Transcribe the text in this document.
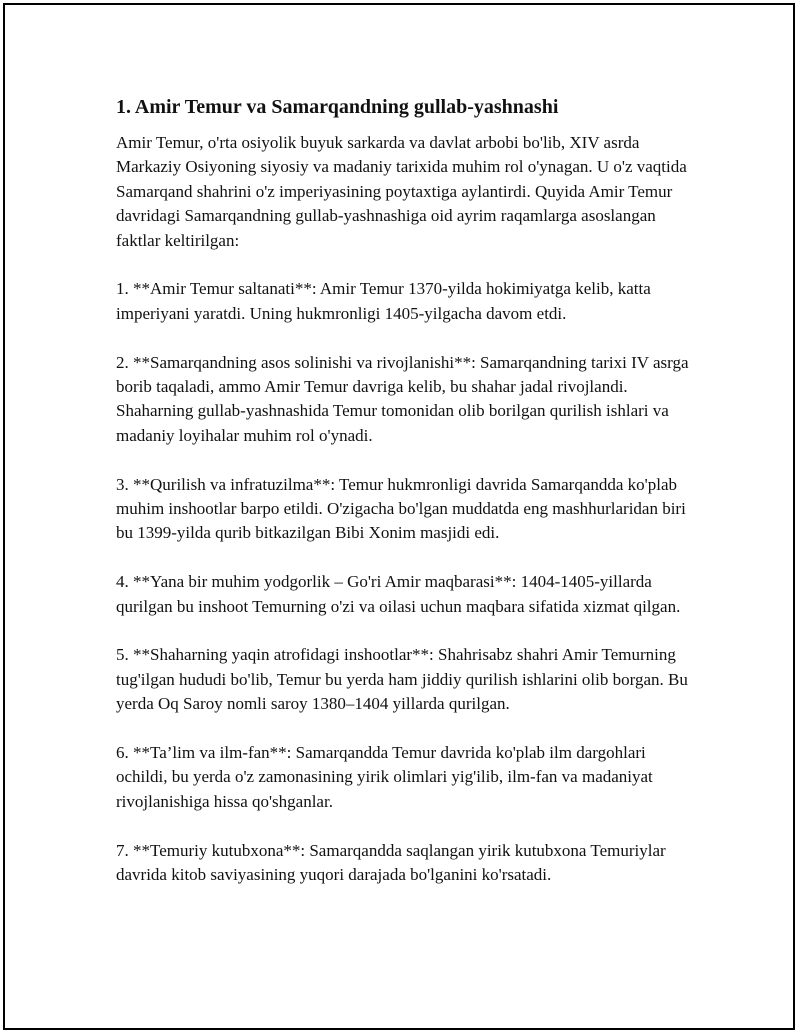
1. Amir Temur va Samarqandning gullab-yashnashi

Amir Temur, o'rta osiyolik buyuk sarkarda va davlat arbobi bo'lib, XIV asrda Markaziy Osiyoning siyosiy va madaniy tarixida muhim rol o'ynagan. U o'z vaqtida Samarqand shahrini o'z imperiyasining poytaxtiga aylantirdi. Quyida Amir Temur davridagi Samarqandning gullab-yashnashiga oid ayrim raqamlarga asoslangan faktlar keltirilgan:

1. **Amir Temur saltanati**: Amir Temur 1370-yilda hokimiyatga kelib, katta imperiyani yaratdi. Uning hukmronligi 1405-yilgacha davom etdi.

2. **Samarqandning asos solinishi va rivojlanishi**: Samarqandning tarixi IV asrga borib taqaladi, ammo Amir Temur davriga kelib, bu shahar jadal rivojlandi. Shaharning gullab-yashnashida Temur tomonidan olib borilgan qurilish ishlari va madaniy loyihalar muhim rol o'ynadi.

3. **Qurilish va infratuzilma**: Temur hukmronligi davrida Samarqandda ko'plab muhim inshootlar barpo etildi. O'zigacha bo'lgan muddatda eng mashhurlaridan biri bu 1399-yilda qurib bitkazilgan Bibi Xonim masjidi edi.

4. **Yana bir muhim yodgorlik – Go'ri Amir maqbarasi**: 1404-1405-yillarda qurilgan bu inshoot Temurning o'zi va oilasi uchun maqbara sifatida xizmat qilgan.

5. **Shaharning yaqin atrofidagi inshootlar**: Shahrisabz shahri Amir Temurning tug'ilgan hududi bo'lib, Temur bu yerda ham jiddiy qurilish ishlarini olib borgan. Bu yerda Oq Saroy nomli saroy 1380–1404 yillarda qurilgan.

6. **Ta’lim va ilm-fan**: Samarqandda Temur davrida ko'plab ilm dargohlari ochildi, bu yerda o'z zamonasining yirik olimlari yig'ilib, ilm-fan va madaniyat rivojlanishiga hissa qo'shganlar.

7. **Temuriy kutubxona**: Samarqandda saqlangan yirik kutubxona Temuriylar davrida kitob saviyasining yuqori darajada bo'lganini ko'rsatadi.
